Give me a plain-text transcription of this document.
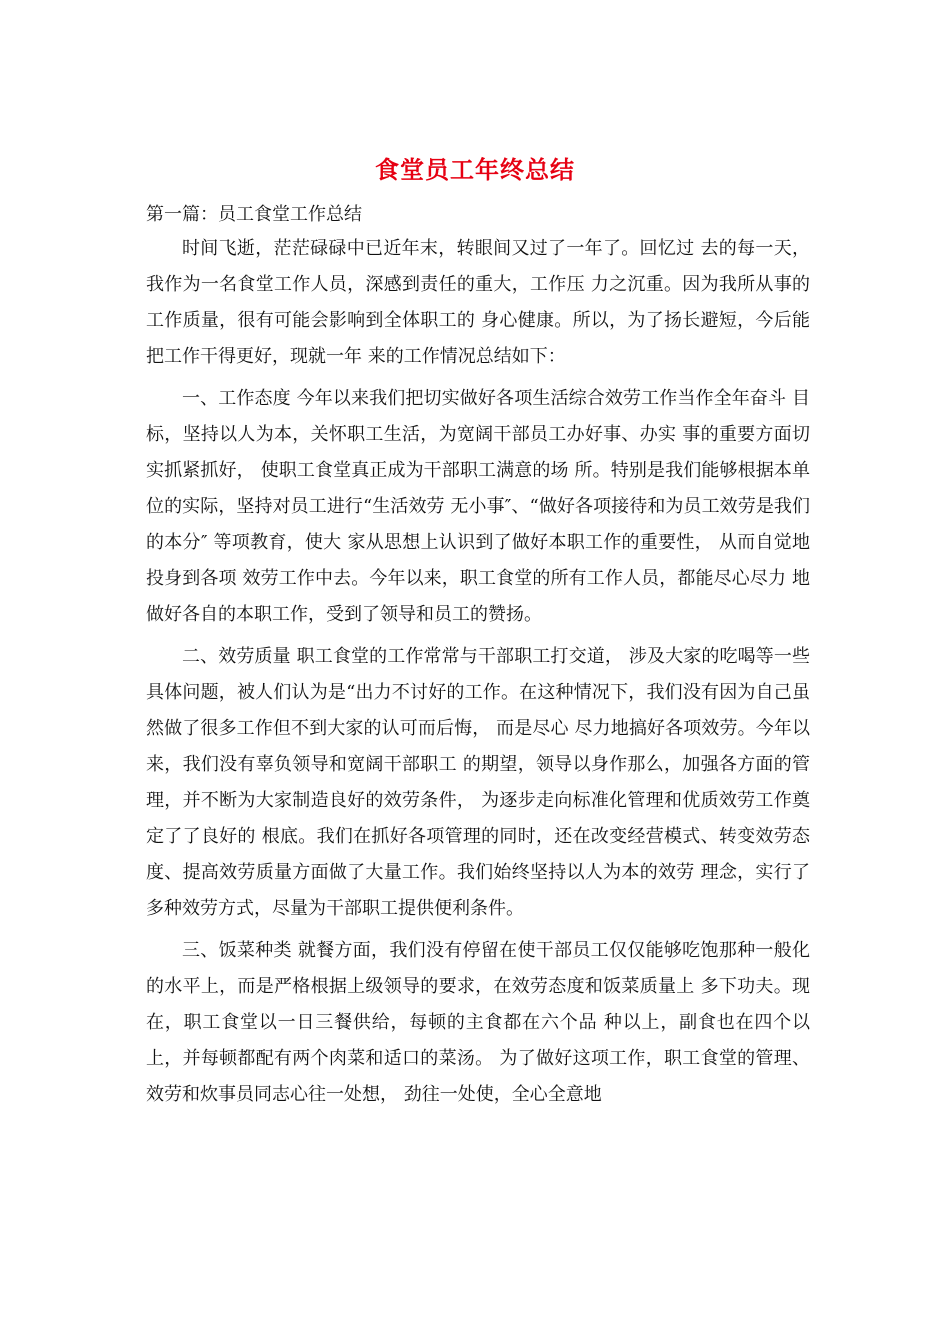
食堂员工年终总结
第一篇：员工食堂工作总结

时间飞逝，茫茫碌碌中已近年末，转眼间又过了一年了。回忆过 去的每一天，我作为一名食堂工作人员，深感到责任的重大，工作压 力之沉重。因为我所从事的工作质量，很有可能会影响到全体职工的 身心健康。所以，为了扬长避短，今后能把工作干得更好，现就一年 来的工作情况总结如下：

一、工作态度 今年以来我们把切实做好各项生活综合效劳工作当作全年奋斗 目标，坚持以人为本，关怀职工生活，为宽阔干部员工办好事、办实 事的重要方面切实抓紧抓好， 使职工食堂真正成为干部职工满意的场 所。特别是我们能够根据本单位的实际，坚持对员工进行“生活效劳 无小事″、“做好各项接待和为员工效劳是我们的本分″ 等项教育，使大 家从思想上认识到了做好本职工作的重要性， 从而自觉地投身到各项 效劳工作中去。今年以来，职工食堂的所有工作人员，都能尽心尽力 地做好各自的本职工作，受到了领导和员工的赞扬。

二、效劳质量 职工食堂的工作常常与干部职工打交道， 涉及大家的吃喝等一些 具体问题，被人们认为是“出力不讨好的工作。在这种情况下，我们没有因为自己虽然做了很多工作但不到大家的认可而后悔， 而是尽心 尽力地搞好各项效劳。今年以来，我们没有辜负领导和宽阔干部职工 的期望，领导以身作那么，加强各方面的管理，并不断为大家制造良好的效劳条件， 为逐步走向标准化管理和优质效劳工作奠定了了良好的 根底。我们在抓好各项管理的同时，还在改变经营模式、转变效劳态 度、提高效劳质量方面做了大量工作。我们始终坚持以人为本的效劳 理念，实行了多种效劳方式，尽量为干部职工提供便利条件。

三、饭菜种类 就餐方面，我们没有停留在使干部员工仅仅能够吃饱那种一般化 的水平上，而是严格根据上级领导的要求，在效劳态度和饭菜质量上 多下功夫。现在，职工食堂以一日三餐供给，每顿的主食都在六个品 种以上，副食也在四个以上，并每顿都配有两个肉菜和适口的菜汤。 为了做好这项工作，职工食堂的管理、 效劳和炊事员同志心往一处想， 劲往一处使，全心全意地
